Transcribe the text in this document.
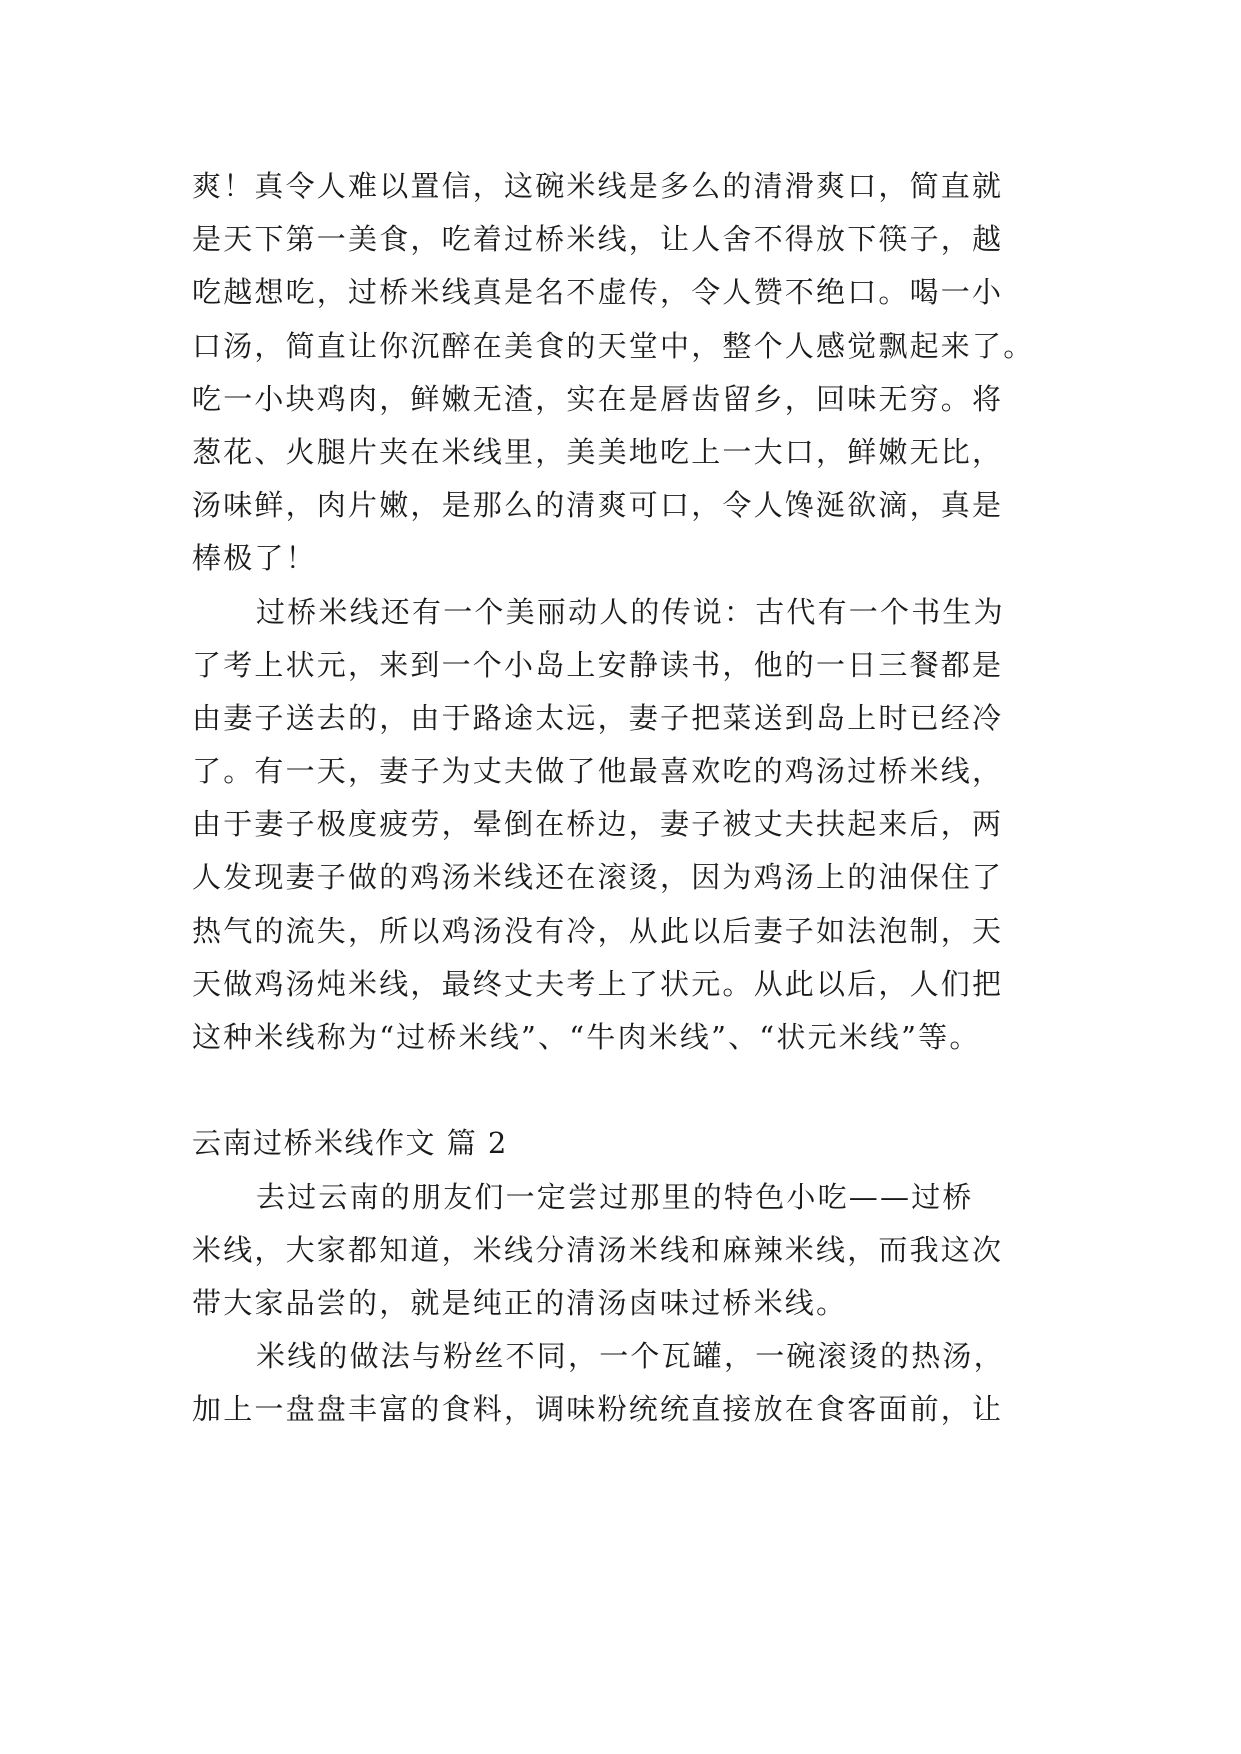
爽！真令人难以置信，这碗米线是多么的清滑爽口，简直就
是天下第一美食，吃着过桥米线，让人舍不得放下筷子，越
吃越想吃，过桥米线真是名不虚传，令人赞不绝口。喝一小
口汤，简直让你沉醉在美食的天堂中，整个人感觉飘起来了。
吃一小块鸡肉，鲜嫩无渣，实在是唇齿留乡，回味无穷。将
葱花、火腿片夹在米线里，美美地吃上一大口，鲜嫩无比，
汤味鲜，肉片嫩，是那么的清爽可口，令人馋涎欲滴，真是
棒极了！
过桥米线还有一个美丽动人的传说：古代有一个书生为
了考上状元，来到一个小岛上安静读书，他的一日三餐都是
由妻子送去的，由于路途太远，妻子把菜送到岛上时已经冷
了。有一天，妻子为丈夫做了他最喜欢吃的鸡汤过桥米线，
由于妻子极度疲劳，晕倒在桥边，妻子被丈夫扶起来后，两
人发现妻子做的鸡汤米线还在滚烫，因为鸡汤上的油保住了
热气的流失，所以鸡汤没有冷，从此以后妻子如法泡制，天
天做鸡汤炖米线，最终丈夫考上了状元。从此以后，人们把
这种米线称为“过桥米线”、“牛肉米线”、“状元米线”等。
云南过桥米线作文 篇 2
去过云南的朋友们一定尝过那里的特色小吃——过桥
米线，大家都知道，米线分清汤米线和麻辣米线，而我这次
带大家品尝的，就是纯正的清汤卤味过桥米线。
米线的做法与粉丝不同，一个瓦罐，一碗滚烫的热汤，
加上一盘盘丰富的食料，调味粉统统直接放在食客面前，让
